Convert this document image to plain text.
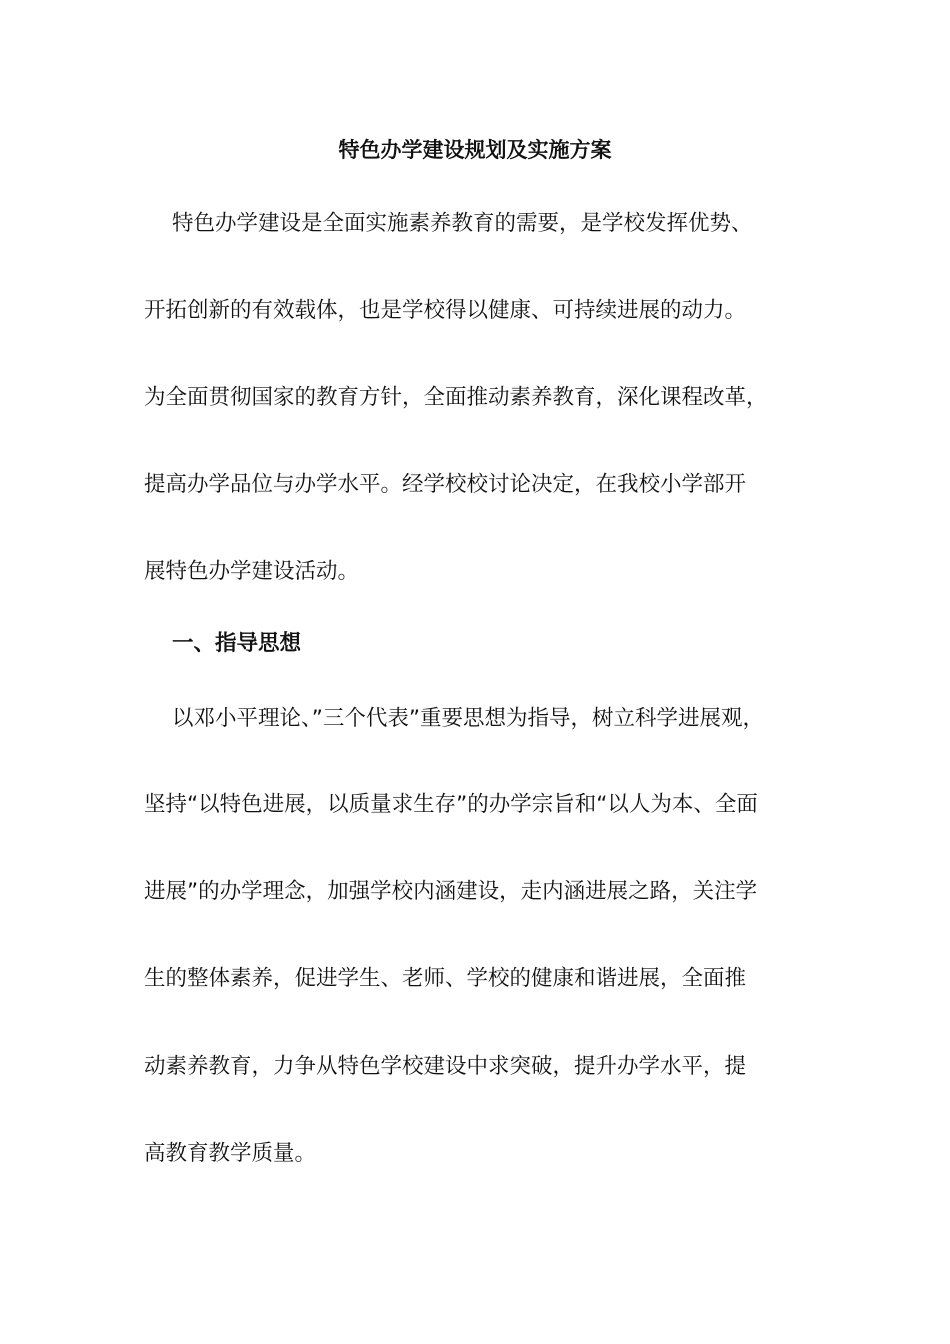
特色办学建设规划及实施方案
特色办学建设是全面实施素养教育的需要，是学校发挥优势、
开拓创新的有效载体，也是学校得以健康、可持续进展的动力。
为全面贯彻国家的教育方针，全面推动素养教育，深化课程改革，
提高办学品位与办学水平。经学校校讨论决定，在我校小学部开
展特色办学建设活动。
一、指导思想
以邓小平理论、”三个代表”重要思想为指导，树立科学进展观，
坚持“以特色进展，以质量求生存”的办学宗旨和“以人为本、全面
进展”的办学理念，加强学校内涵建设，走内涵进展之路，关注学
生的整体素养，促进学生、老师、学校的健康和谐进展，全面推
动素养教育，力争从特色学校建设中求突破，提升办学水平，提
高教育教学质量。
